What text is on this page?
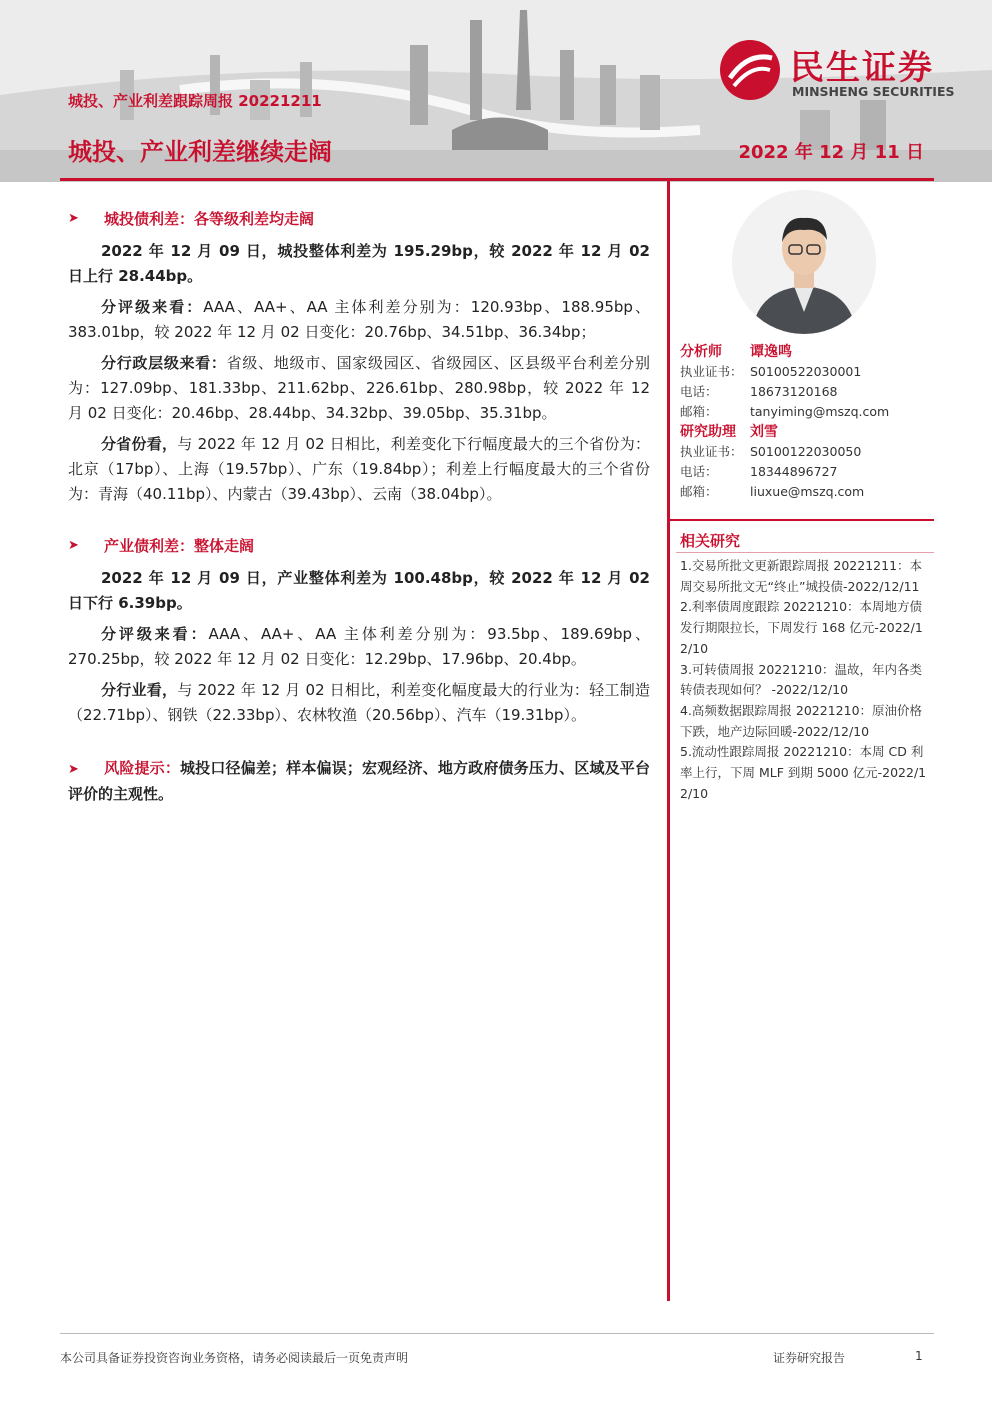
城投、产业利差跟踪周报 20221211
城投、产业利差继续走阔	2022 年 12 月 11 日
民生证券
MINSHENG SECURITIES
➤	城投债利差：各等级利差均走阔

2022 年 12 月 09 日，城投整体利差为 195.29bp，较 2022 年 12 月 02 日上行 28.44bp。

分评级来看：AAA、AA+、AA 主体利差分别为：120.93bp、188.95bp、383.01bp，较 2022 年 12 月 02 日变化：20.76bp、34.51bp、36.34bp；

分行政层级来看：省级、地级市、国家级园区、省级园区、区县级平台利差分别为：127.09bp、181.33bp、211.62bp、226.61bp、280.98bp，较 2022 年 12 月 02 日变化：20.46bp、28.44bp、34.32bp、39.05bp、35.31bp。

分省份看，与 2022 年 12 月 02 日相比，利差变化下行幅度最大的三个省份为：北京（17bp）、上海（19.57bp）、广东（19.84bp）；利差上行幅度最大的三个省份为：青海（40.11bp）、内蒙古（39.43bp）、云南（38.04bp）。

➤	产业债利差：整体走阔

2022 年 12 月 09 日，产业整体利差为 100.48bp，较 2022 年 12 月 02 日下行 6.39bp。

分评级来看：AAA、AA+、AA 主体利差分别为：93.5bp、189.69bp、270.25bp，较 2022 年 12 月 02 日变化：12.29bp、17.96bp、20.4bp。

分行业看，与 2022 年 12 月 02 日相比，利差变化幅度最大的行业为：轻工制造（22.71bp）、钢铁（22.33bp）、农林牧渔（20.56bp）、汽车（19.31bp）。

➤ 风险提示：城投口径偏差；样本偏误；宏观经济、地方政府债务压力、区域及平台评价的主观性。

分析师	谭逸鸣
执业证书： S0100522030001
电话：	18673120168
邮箱：	tanyiming@mszq.com
研究助理	刘雪
执业证书： S0100122030050
电话：	18344896727
邮箱：	liuxue@mszq.com
相关研究

1.交易所批文更新跟踪周报 20221211：本周交易所批文无“终止”城投债-2022/12/11

2.利率债周度跟踪 20221210：本周地方债发行期限拉长，下周发行 168 亿元-2022/12/10

3.可转债周报 20221210：温故，年内各类转债表现如何？ -2022/12/10

4.高频数据跟踪周报 20221210：原油价格下跌，地产边际回暖-2022/12/10

5.流动性跟踪周报 20221210：本周 CD 利率上行，下周 MLF 到期 5000 亿元-2022/12/10

本公司具备证券投资咨询业务资格，请务必阅读最后一页免责声明	证券研究报告	1
